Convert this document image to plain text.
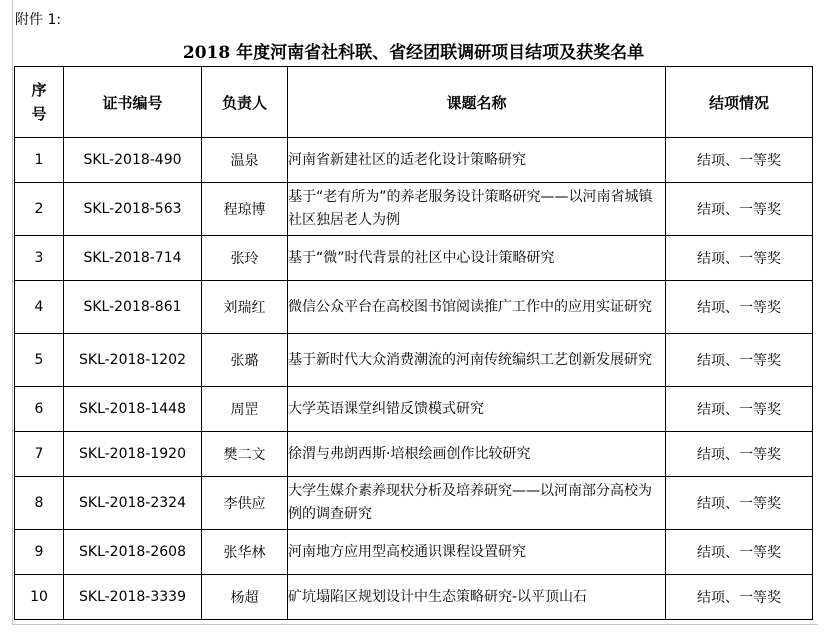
附件 1:
2018 年度河南省社科联、省经团联调研项目结项及获奖名单
序号	证书编号	负责人	课题名称	结项情况
1	SKL-2018-490	温泉	河南省新建社区的适老化设计策略研究	结项、一等奖
2	SKL-2018-563	程琼博	基于“老有所为”的养老服务设计策略研究——以河南省城镇社区独居老人为例	结项、一等奖
3	SKL-2018-714	张玲	基于“微”时代背景的社区中心设计策略研究	结项、一等奖
4	SKL-2018-861	刘瑞红	微信公众平台在高校图书馆阅读推广工作中的应用实证研究	结项、一等奖
5	SKL-2018-1202	张璐	基于新时代大众消费潮流的河南传统编织工艺创新发展研究	结项、一等奖
6	SKL-2018-1448	周罡	大学英语课堂纠错反馈模式研究	结项、一等奖
7	SKL-2018-1920	樊二文	徐渭与弗朗西斯·培根绘画创作比较研究	结项、一等奖
8	SKL-2018-2324	李供应	大学生媒介素养现状分析及培养研究——以河南部分高校为例的调查研究	结项、一等奖
9	SKL-2018-2608	张华林	河南地方应用型高校通识课程设置研究	结项、一等奖
10	SKL-2018-3339	杨超	矿坑塌陷区规划设计中生态策略研究-以平顶山石	结项、一等奖
